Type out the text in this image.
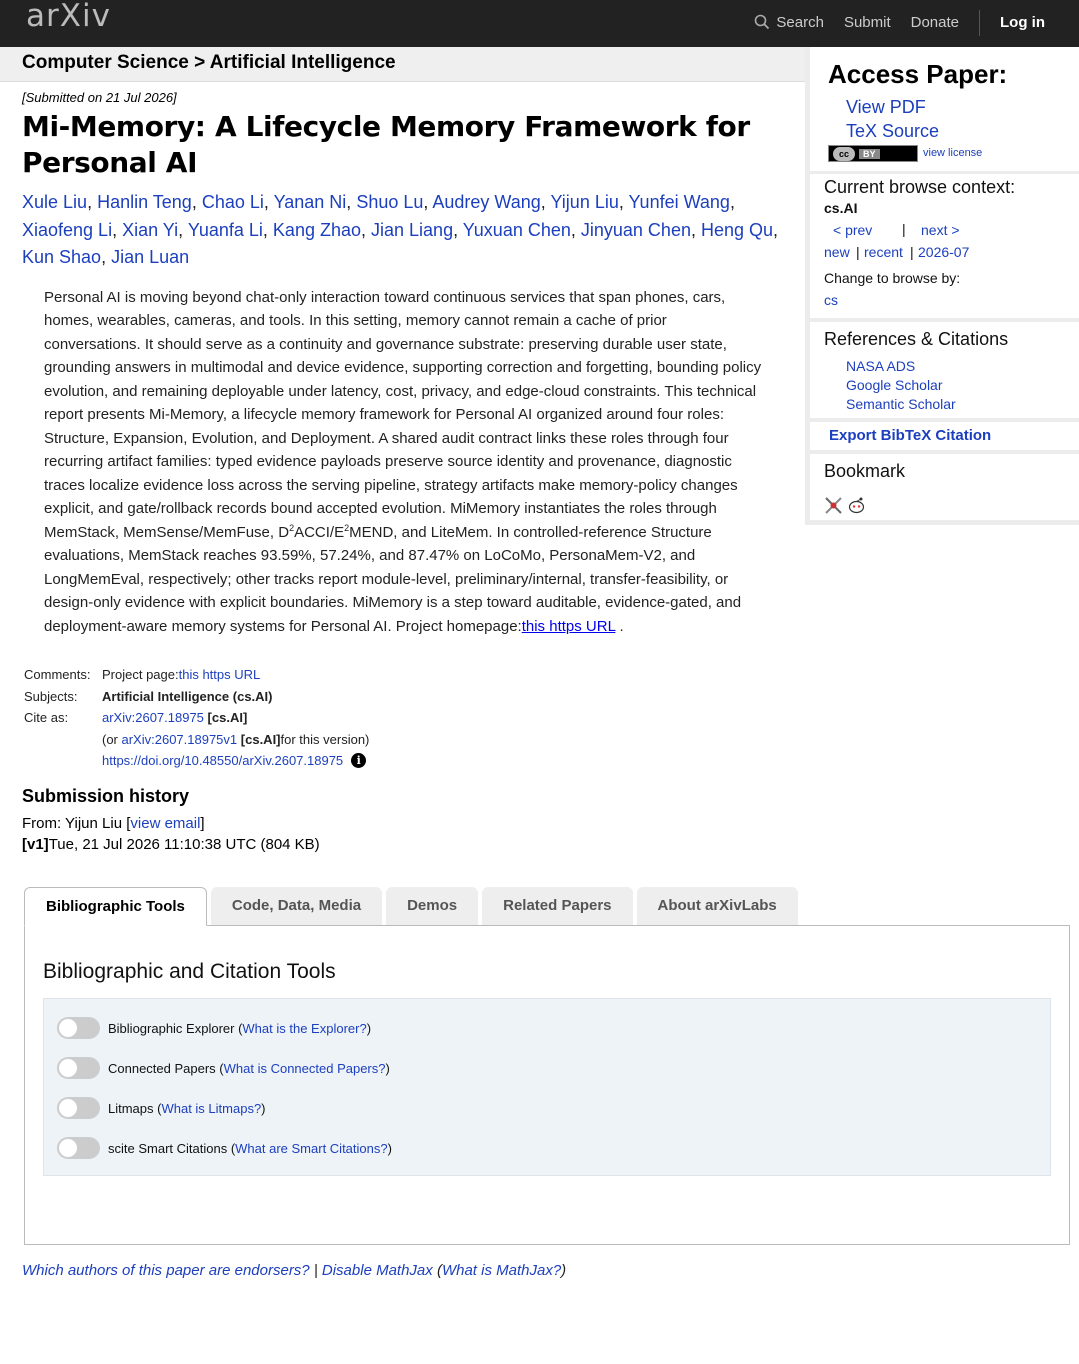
arXiv	Search	Submit	Donate	Log in
Computer Science > Artificial Intelligence
[Submitted on 21 Jul 2026]
Mi-Memory: A Lifecycle Memory Framework for Personal AI
Xule Liu, Hanlin Teng, Chao Li, Yanan Ni, Shuo Lu, Audrey Wang, Yijun Liu, Yunfei Wang, Xiaofeng Li, Xian Yi, Yuanfa Li, Kang Zhao, Jian Liang, Yuxuan Chen, Jinyuan Chen, Heng Qu, Kun Shao, Jian Luan
Personal AI is moving beyond chat-only interaction toward continuous services that span phones, cars, homes, wearables, cameras, and tools. In this setting, memory cannot remain a cache of prior conversations. It should serve as a continuity and governance substrate: preserving durable user state, grounding answers in multimodal and device evidence, supporting correction and forgetting, bounding policy evolution, and remaining deployable under latency, cost, privacy, and edge-cloud constraints. This technical report presents Mi-Memory, a lifecycle memory framework for Personal AI organized around four roles: Structure, Expansion, Evolution, and Deployment. A shared audit contract links these roles through four recurring artifact families: typed evidence payloads preserve source identity and provenance, diagnostic traces localize evidence loss across the serving pipeline, strategy artifacts make memory-policy changes explicit, and gate/rollback records bound accepted evolution. MiMemory instantiates the roles through MemStack, MemSense/MemFuse, $D^2ACCI/E^2MEND$, and LiteMem. In controlled-reference Structure evaluations, MemStack reaches 93.59%, 57.24%, and 87.47% on LoCoMo, PersonaMem-V2, and LongMemEval, respectively; other tracks report module-level, preliminary/internal, transfer-feasibility, or design-only evidence with explicit boundaries. MiMemory is a step toward auditable, evidence-gated, and deployment-aware memory systems for Personal AI. Project homepage:this https URL .
Comments: Project page:this https URL
Subjects:	Artificial Intelligence (cs.AI)
Cite as:	arXiv:2607.18975 [cs.AI]
(or arXiv:2607.18975v1 [cs.AI]for this version)
https://doi.org/10.48550/arXiv.2607.18975 i
Submission history
From: Yijun Liu [view email]
[v1]Tue, 21 Jul 2026 11:10:38 UTC (804 KB)
Bibliographic Tools	Code, Data, Media	Demos	Related Papers	About arXivLabs
Bibliographic and Citation Tools
Bibliographic Explorer ( What is the Explorer? )
Connected Papers ( What is Connected Papers? )
Litmaps ( What is Litmaps? )
scite Smart Citations ( What are Smart Citations? )
Which authors of this paper are endorsers? | Disable MathJax (What is MathJax?)
Access Paper:
View PDF
TeX Source
cc	BY	view license
Current browse context:
cs.AI
< prev | next >
new | recent | 2026-07
Change to browse by:
cs
References & Citations
NASA ADS
Google Scholar
Semantic Scholar
Export BibTeX Citation
Bookmark
